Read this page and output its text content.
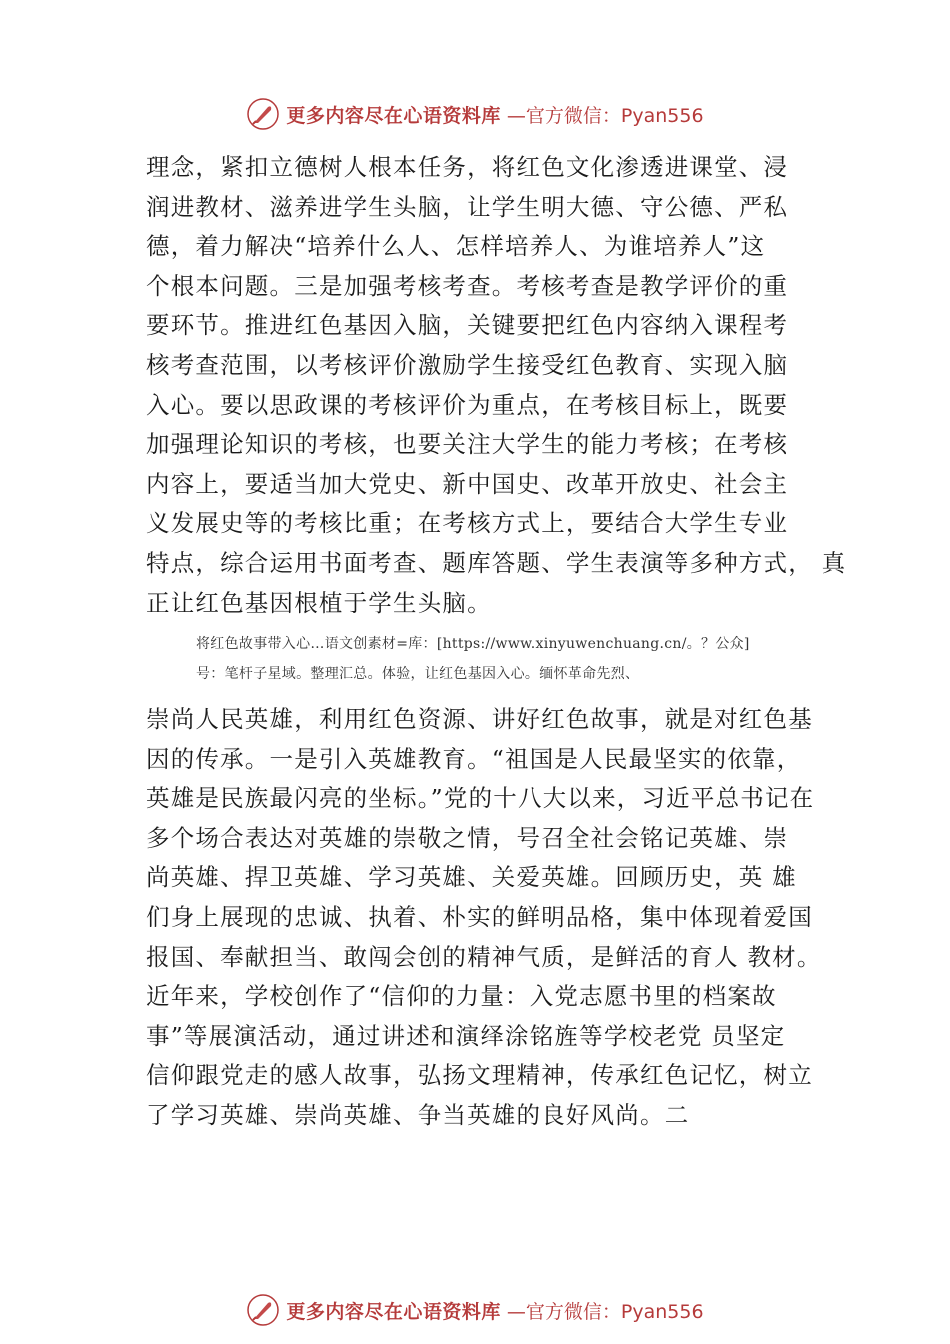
更多内容尽在心语资料库 —官方微信：Pyan556
理念，紧扣立德树人根本任务，将红色文化渗透进课堂、浸
润进教材、滋养进学生头脑，让学生明大德、守公德、严私
德，着力解决“培养什么人、怎样培养人、为谁培养人”这
个根本问题。三是加强考核考查。考核考查是教学评价的重
要环节。推进红色基因入脑，关键要把红色内容纳入课程考
核考查范围，以考核评价激励学生接受红色教育、实现入脑
入心。要以思政课的考核评价为重点，在考核目标上，既要
加强理论知识的考核，也要关注大学生的能力考核；在考核
内容上，要适当加大党史、新中国史、改革开放史、社会主
义发展史等的考核比重；在考核方式上，要结合大学生专业
特点，综合运用书面考查、题库答题、学生表演等多种方式， 真
正让红色基因根植于学生头脑。
将红色故事带入心…语文创素材=库：[https://www.xinyuwenchuang.cn/。？公众]
号：笔杆子星域。整理汇总。体验，让红色基因入心。缅怀革命先烈、
崇尚人民英雄，利用红色资源、讲好红色故事，就是对红色基
因的传承。一是引入英雄教育。“祖国是人民最坚实的依靠，
英雄是民族最闪亮的坐标。”党的十八大以来，习近平总书记在
多个场合表达对英雄的崇敬之情，号召全社会铭记英雄、崇
尚英雄、捍卫英雄、学习英雄、关爱英雄。回顾历史，英 雄
们身上展现的忠诚、执着、朴实的鲜明品格，集中体现着爱国
报国、奉献担当、敢闯会创的精神气质，是鲜活的育人 教材。
近年来，学校创作了“信仰的力量：入党志愿书里的档案故
事”等展演活动，通过讲述和演绎涂铭旌等学校老党 员坚定
信仰跟党走的感人故事，弘扬文理精神，传承红色记忆，树立
了学习英雄、崇尚英雄、争当英雄的良好风尚。二
更多内容尽在心语资料库 —官方微信：Pyan556
